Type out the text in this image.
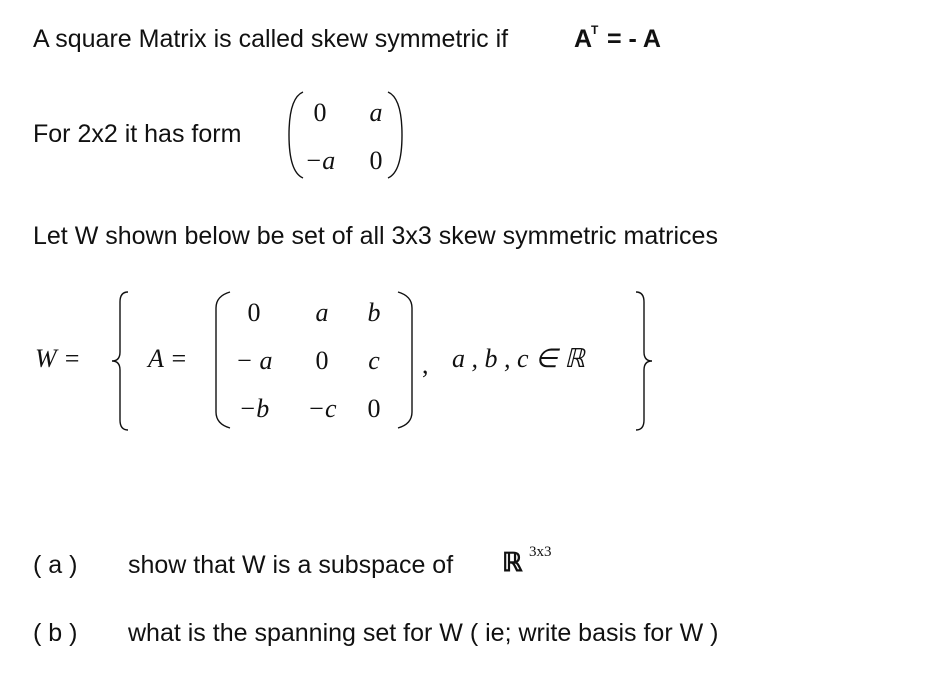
A square Matrix is called skew symmetric if	A
T = - A
For 2x2 it has form
0	a
−a	0
Let W shown below be set of all 3x3 skew symmetric matrices
W =	A =
0	a	b
− a	0	c
−b	−c	0
, a , b , c ∈ ℝ
( a ) show that W is a subspace of ℝ 3x3
( b ) what is the spanning set for W ( ie; write basis for W )
